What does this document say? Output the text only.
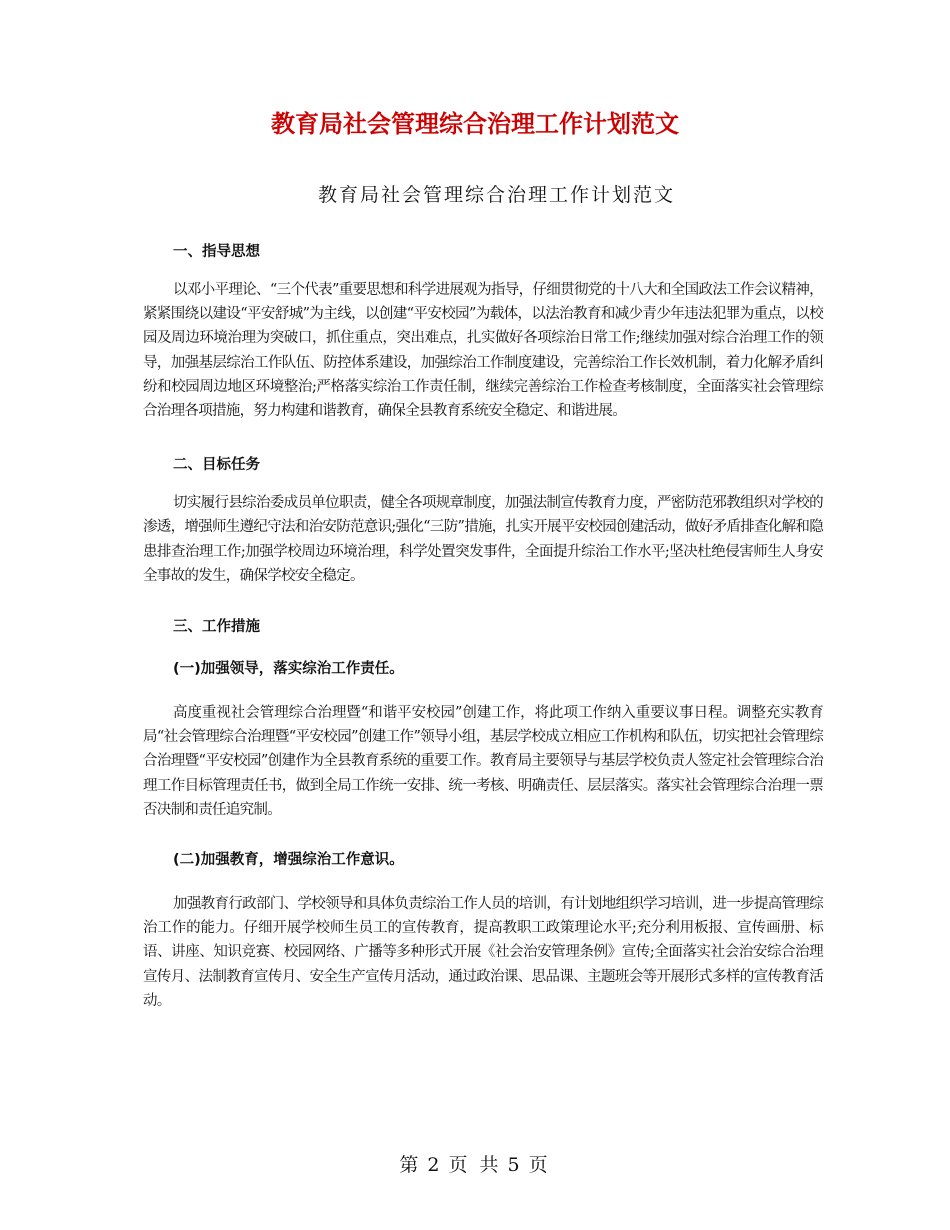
教育局社会管理综合治理工作计划范文

教育局社会管理综合治理工作计划范文

一、指导思想

以邓小平理论、“三个代表”重要思想和科学进展观为指导，仔细贯彻党的十八大和全国政法工作会议精神，紧紧围绕以建设“平安舒城”为主线，以创建“平安校园”为载体，以法治教育和减少青少年违法犯罪为重点，以校园及周边环境治理为突破口，抓住重点，突出难点，扎实做好各项综治日常工作;继续加强对综合治理工作的领导，加强基层综治工作队伍、防控体系建设，加强综治工作制度建设，完善综治工作长效机制，着力化解矛盾纠纷和校园周边地区环境整治;严格落实综治工作责任制，继续完善综治工作检查考核制度，全面落实社会管理综合治理各项措施，努力构建和谐教育，确保全县教育系统安全稳定、和谐进展。

二、目标任务

切实履行县综治委成员单位职责，健全各项规章制度，加强法制宣传教育力度，严密防范邪教组织对学校的渗透，增强师生遵纪守法和治安防范意识;强化“三防”措施，扎实开展平安校园创建活动，做好矛盾排查化解和隐患排查治理工作;加强学校周边环境治理，科学处置突发事件，全面提升综治工作水平;坚决杜绝侵害师生人身安全事故的发生，确保学校安全稳定。

三、工作措施
(一)加强领导，落实综治工作责任。

高度重视社会管理综合治理暨“和谐平安校园”创建工作，将此项工作纳入重要议事日程。调整充实教育局“社会管理综合治理暨“平安校园”创建工作”领导小组，基层学校成立相应工作机构和队伍，切实把社会管理综合治理暨“平安校园”创建作为全县教育系统的重要工作。教育局主要领导与基层学校负责人签定社会管理综合治理工作目标管理责任书，做到全局工作统一安排、统一考核、明确责任、层层落实。落实社会管理综合治理一票否决制和责任追究制。

(二)加强教育，增强综治工作意识。

加强教育行政部门、学校领导和具体负责综治工作人员的培训，有计划地组织学习培训，进一步提高管理综治工作的能力。仔细开展学校师生员工的宣传教育，提高教职工政策理论水平;充分利用板报、宣传画册、标语、讲座、知识竞赛、校园网络、广播等多种形式开展《社会治安管理条例》宣传;全面落实社会治安综合治理宣传月、法制教育宣传月、安全生产宣传月活动，通过政治课、思品课、主题班会等开展形式多样的宣传教育活动。

第 2 页 共 5 页
